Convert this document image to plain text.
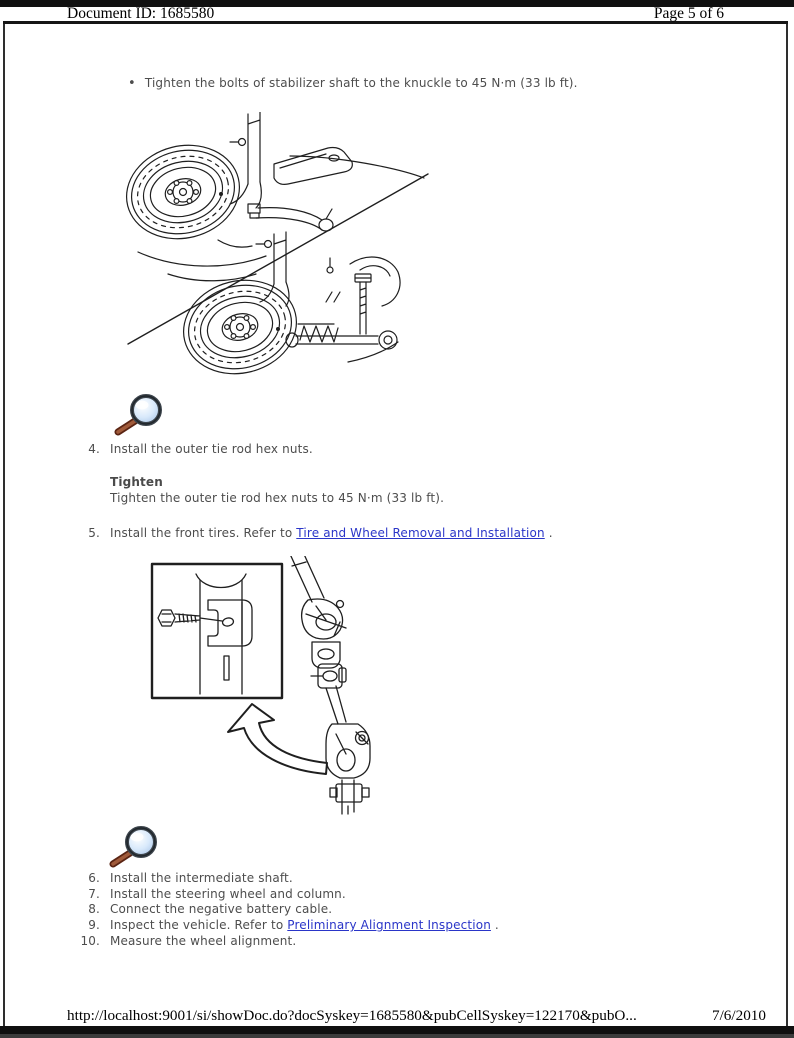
Document ID: 1685580	Page 5 of 6
• Tighten the bolts of stabilizer shaft to the knuckle to 45 N·m (33 lb ft).
4. Install the outer tie rod hex nuts.
Tighten
Tighten the outer tie rod hex nuts to 45 N·m (33 lb ft).
5. Install the front tires. Refer to Tire and Wheel Removal and Installation .
6. Install the intermediate shaft.
7. Install the steering wheel and column.
8. Connect the negative battery cable.
9. Inspect the vehicle. Refer to Preliminary Alignment Inspection .
10. Measure the wheel alignment.
http://localhost:9001/si/showDoc.do?docSyskey=1685580&pubCellSyskey=122170&pubO...	7/6/2010
